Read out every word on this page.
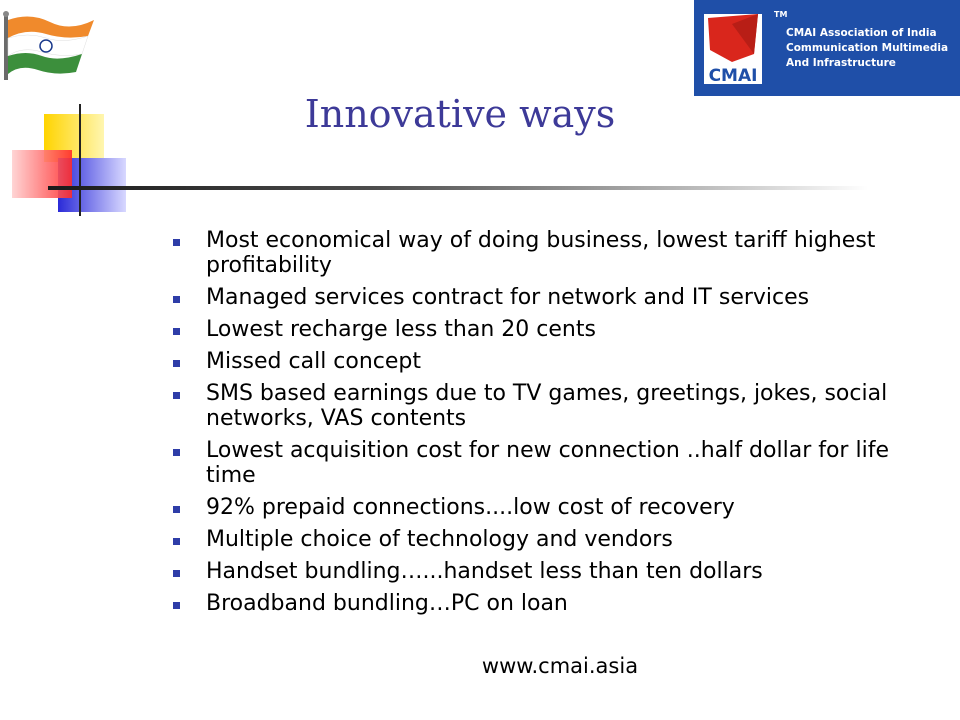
CMAI
TM
CMAI Association of India
Communication Multimedia
And Infrastructure
Innovative ways
Most economical way of doing business, lowest tariff highest profitability
Managed services contract for network and IT services
Lowest recharge less than 20 cents
Missed call concept
SMS based earnings due to TV games, greetings, jokes, social networks, VAS contents
Lowest acquisition cost for new connection ..half dollar for life time
92% prepaid connections....low cost of recovery
Multiple choice of technology and vendors
Handset bundling…...handset less than ten dollars
Broadband bundling…PC on loan
www.cmai.asia
